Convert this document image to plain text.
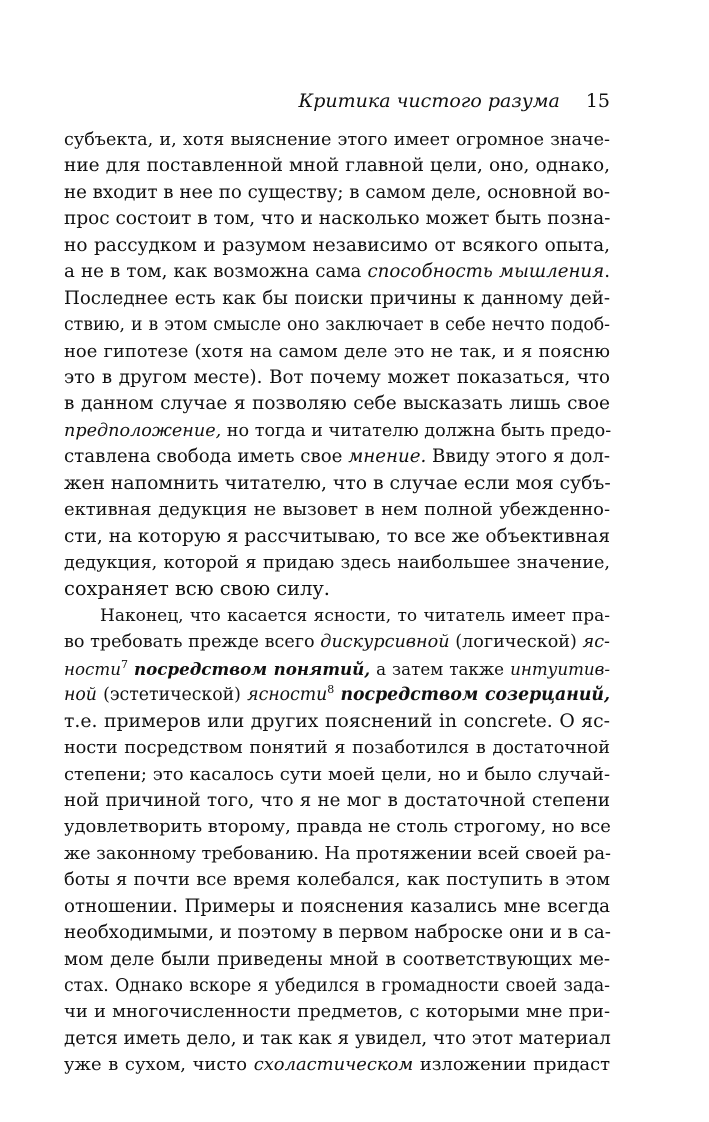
Критика чистого разума 15
субъекта, и, хотя выяснение этого имеет огромное значе-
ние для поставленной мной главной цели, оно, однако,
не входит в нее по существу; в самом деле, основной во-
прос состоит в том, что и насколько может быть позна-
но рассудком и разумом независимо от всякого опыта,
а не в том, как возможна сама способность мышления.
Последнее есть как бы поиски причины к данному дей-
ствию, и в этом смысле оно заключает в себе нечто подоб-
ное гипотезе (хотя на самом деле это не так, и я поясню
это в другом месте). Вот почему может показаться, что
в данном случае я позволяю себе высказать лишь свое
предположение, но тогда и читателю должна быть предо-
ставлена свобода иметь свое мнение. Ввиду этого я дол-
жен напомнить читателю, что в случае если моя субъ-
ективная дедукция не вызовет в нем полной убежденно-
сти, на которую я рассчитываю, то все же объективная
дедукция, которой я придаю здесь наибольшее значение,
сохраняет всю свою силу.
Наконец, что касается ясности, то читатель имеет пра-
во требовать прежде всего дискурсивной (логической) яс-
ности$^7$ посредством понятий, а затем также интуитив-
ной (эстетической) ясности$^8$ посредством созерцаний,
т.е. примеров или других пояснений in concrete. О яс-
ности посредством понятий я позаботился в достаточной
степени; это касалось сути моей цели, но и было случай-
ной причиной того, что я не мог в достаточной степени
удовлетворить второму, правда не столь строгому, но все
же законному требованию. На протяжении всей своей ра-
боты я почти все время колебался, как поступить в этом
отношении. Примеры и пояснения казались мне всегда
необходимыми, и поэтому в первом наброске они и в са-
мом деле были приведены мной в соответствующих ме-
стах. Однако вскоре я убедился в громадности своей зада-
чи и многочисленности предметов, с которыми мне при-
дется иметь дело, и так как я увидел, что этот материал
уже в сухом, чисто схоластическом изложении придаст
